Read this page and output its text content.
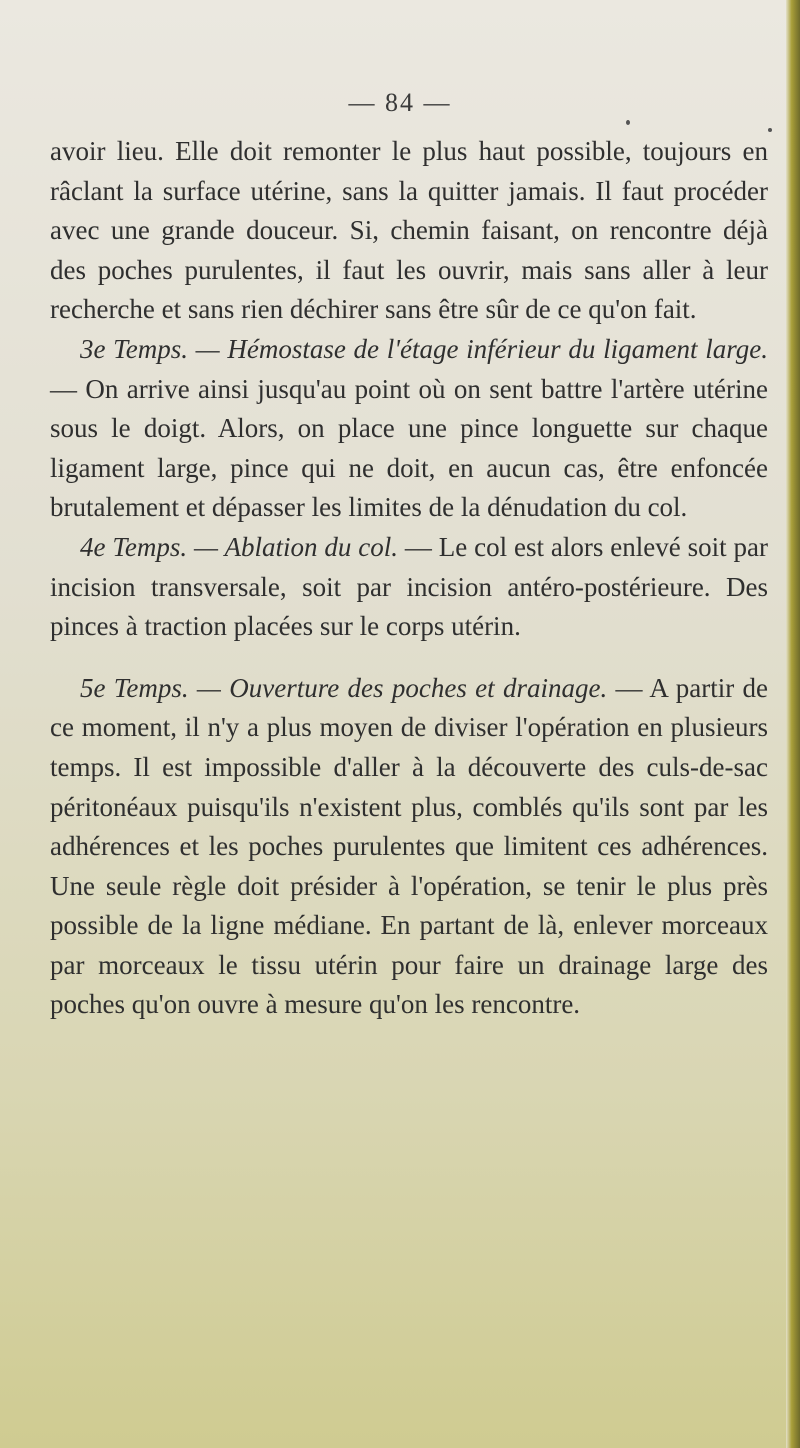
— 84 —

avoir lieu. Elle doit remonter le plus haut possible, toujours en râclant la surface utérine, sans la quitter jamais. Il faut procéder avec une grande douceur. Si, chemin faisant, on rencontre déjà des poches purulentes, il faut les ouvrir, mais sans aller à leur recherche et sans rien déchirer sans être sûr de ce qu'on fait.

3e Temps. — Hémostase de l'étage inférieur du ligament large. — On arrive ainsi jusqu'au point où on sent battre l'artère utérine sous le doigt. Alors, on place une pince longuette sur chaque ligament large, pince qui ne doit, en aucun cas, être enfoncée brutalement et dépasser les limites de la dénudation du col.

4e Temps. — Ablation du col. — Le col est alors enlevé soit par incision transversale, soit par incision antéro-postérieure. Des pinces à traction placées sur le corps utérin.

5e Temps. — Ouverture des poches et drainage. — A partir de ce moment, il n'y a plus moyen de diviser l'opération en plusieurs temps. Il est impossible d'aller à la découverte des culs-de-sac péritonéaux puisqu'ils n'existent plus, comblés qu'ils sont par les adhérences et les poches purulentes que limitent ces adhérences. Une seule règle doit présider à l'opération, se tenir le plus près possible de la ligne médiane. En partant de là, enlever morceaux par morceaux le tissu utérin pour faire un drainage large des poches qu'on ouvre à mesure qu'on les rencontre.
